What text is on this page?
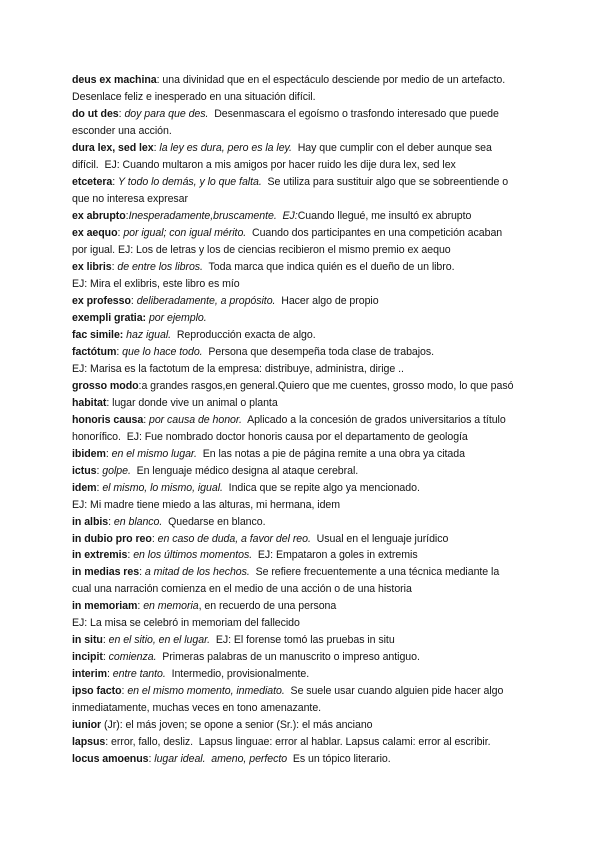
deus ex machina: una divinidad que en el espectáculo desciende por medio de un artefacto.
Desenlace feliz e inesperado en una situación difícil.
do ut des: doy para que des.  Desenmascara el egoísmo o trasfondo interesado que puede
esconder una acción.
dura lex, sed lex: la ley es dura, pero es la ley.  Hay que cumplir con el deber aunque sea
difícil.  EJ: Cuando multaron a mis amigos por hacer ruido les dije dura lex, sed lex
etcetera: Y todo lo demás, y lo que falta.  Se utiliza para sustituir algo que se sobreentiende o
que no interesa expresar
ex abrupto:Inesperadamente,bruscamente.  EJ:Cuando llegué, me insultó ex abrupto
ex aequo: por igual; con igual mérito.  Cuando dos participantes en una competición acaban
por igual. EJ: Los de letras y los de ciencias recibieron el mismo premio ex aequo
ex libris: de entre los libros.  Toda marca que indica quién es el dueño de un libro.
EJ: Mira el exlibris, este libro es mío
ex professo: deliberadamente, a propósito.  Hacer algo de propio
exempli gratia: por ejemplo.
fac simile: haz igual.  Reproducción exacta de algo.
factótum: que lo hace todo.  Persona que desempeña toda clase de trabajos.
EJ: Marisa es la factotum de la empresa: distribuye, administra, dirige ..
grosso modo:a grandes rasgos,en general.Quiero que me cuentes, grosso modo, lo que pasó
habitat: lugar donde vive un animal o planta
honoris causa: por causa de honor.  Aplicado a la concesión de grados universitarios a título
honorífico.  EJ: Fue nombrado doctor honoris causa por el departamento de geología
ibidem: en el mismo lugar.  En las notas a pie de página remite a una obra ya citada
ictus: golpe.  En lenguaje médico designa al ataque cerebral.
idem: el mismo, lo mismo, igual.  Indica que se repite algo ya mencionado.
EJ: Mi madre tiene miedo a las alturas, mi hermana, idem
in albis: en blanco.  Quedarse en blanco.
in dubio pro reo: en caso de duda, a favor del reo.  Usual en el lenguaje jurídico
in extremis: en los últimos momentos.  EJ: Empataron a goles in extremis
in medias res: a mitad de los hechos.  Se refiere frecuentemente a una técnica mediante la
cual una narración comienza en el medio de una acción o de una historia
in memoriam: en memoria, en recuerdo de una persona
EJ: La misa se celebró in memoriam del fallecido
in situ: en el sitio, en el lugar.  EJ: El forense tomó las pruebas in situ
incipit: comienza.  Primeras palabras de un manuscrito o impreso antiguo.
interim: entre tanto.  Intermedio, provisionalmente.
ipso facto: en el mismo momento, inmediato.  Se suele usar cuando alguien pide hacer algo
inmediatamente, muchas veces en tono amenazante.
iunior (Jr): el más joven; se opone a senior (Sr.): el más anciano
lapsus: error, fallo, desliz.  Lapsus linguae: error al hablar. Lapsus calami: error al escribir.
locus amoenus: lugar ideal.  ameno, perfecto  Es un tópico literario.
